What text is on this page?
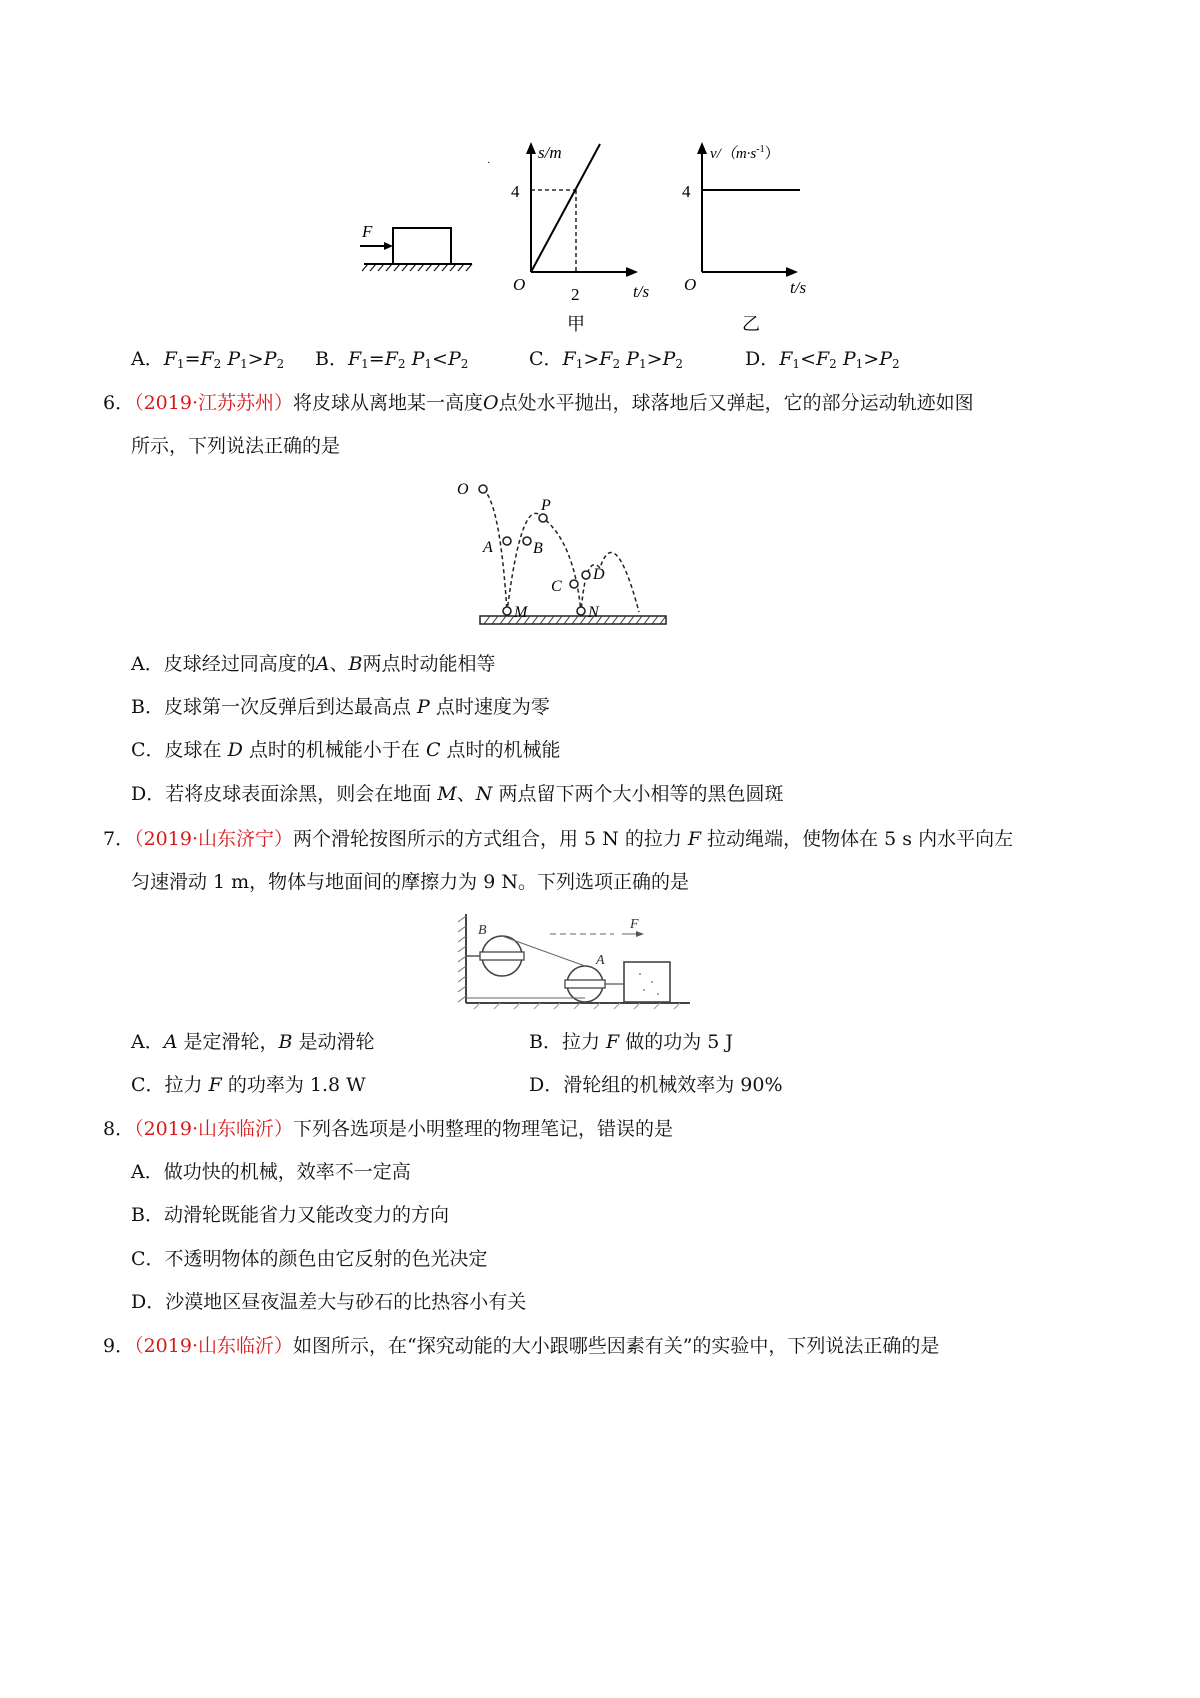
F
·
s/m
4
2	t/s
O
甲
$v/(m\cdot s^{-1})$
4
t/s
O
乙
A．$F_1=F_2$ $P_1>P_2$ B．$F_1=F_2$ $P_1<P_2$	C．$F_1>F_2$ $P_1>P_2$	D．$F_1<F_2$ $P_1>P_2$
6．（2019·江苏苏州）将皮球从离地某一高度O点处水平抛出，球落地后又弹起，它的部分运动轨迹如图
所示，下列说法正确的是
O
P
A	B
C
D
M	N
A．皮球经过同高度的A、B两点时动能相等
B．皮球第一次反弹后到达最高点 P 点时速度为零
C．皮球在 D 点时的机械能小于在 C 点时的机械能
D．若将皮球表面涂黑，则会在地面 M、N 两点留下两个大小相等的黑色圆斑
7．（2019·山东济宁）两个滑轮按图所示的方式组合，用 5 N 的拉力 F 拉动绳端，使物体在 5 s 内水平向左
匀速滑动 1 m，物体与地面间的摩擦力为 9 N。下列选项正确的是
B
A
F
A．A 是定滑轮，B 是动滑轮	B．拉力 F 做的功为 5 J
C．拉力 F 的功率为 1.8 W	D．滑轮组的机械效率为 90%
8．（2019·山东临沂）下列各选项是小明整理的物理笔记，错误的是
A．做功快的机械，效率不一定高
B．动滑轮既能省力又能改变力的方向
C．不透明物体的颜色由它反射的色光决定
D．沙漠地区昼夜温差大与砂石的比热容小有关
9．（2019·山东临沂）如图所示，在“探究动能的大小跟哪些因素有关”的实验中，下列说法正确的是
